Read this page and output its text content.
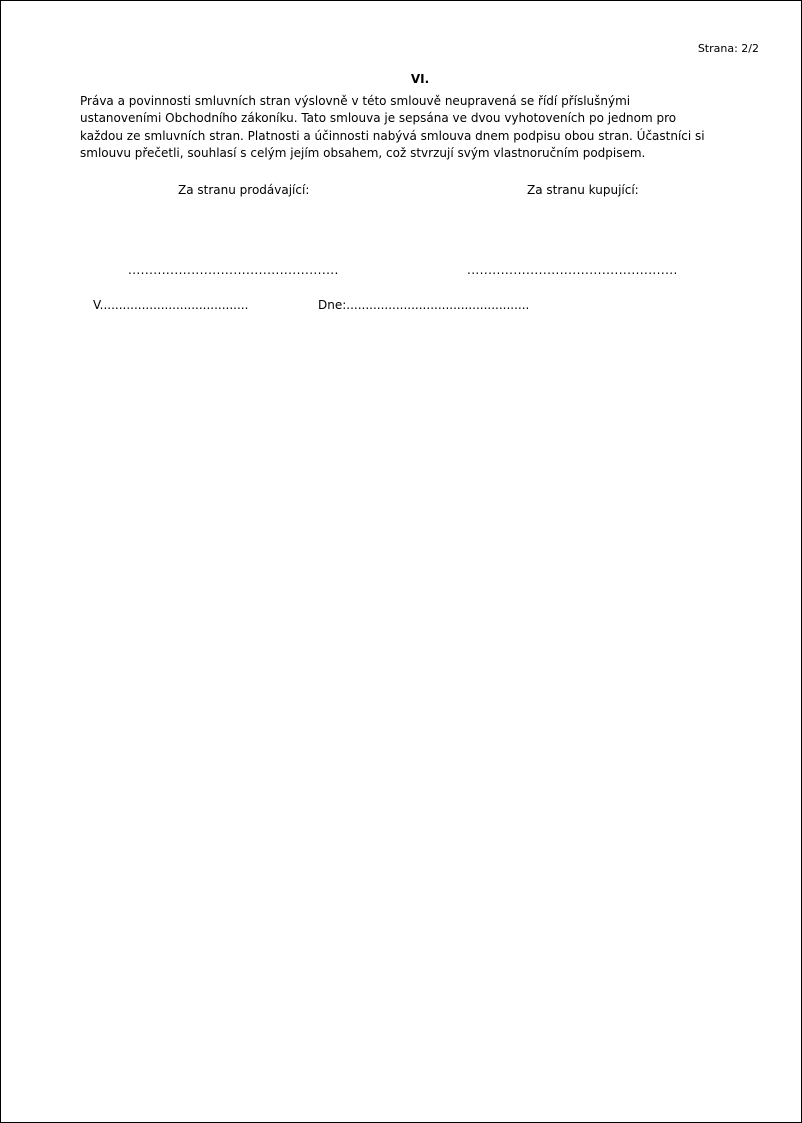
Strana: 2/2
VI.
Práva a povinnosti smluvních stran výslovně v této smlouvě neupravená se řídí příslušnými
ustanoveními Obchodního zákoníku. Tato smlouva je sepsána ve dvou vyhotoveních po jednom pro
každou ze smluvních stran. Platnosti a účinnosti nabývá smlouva dnem podpisu obou stran. Účastníci si
smlouvu přečetli, souhlasí s celým jejím obsahem, což stvrzují svým vlastnoručním podpisem.
Za stranu prodávající:	Za stranu kupující:
..................................................	..................................................
V.......................................	Dne:................................................
